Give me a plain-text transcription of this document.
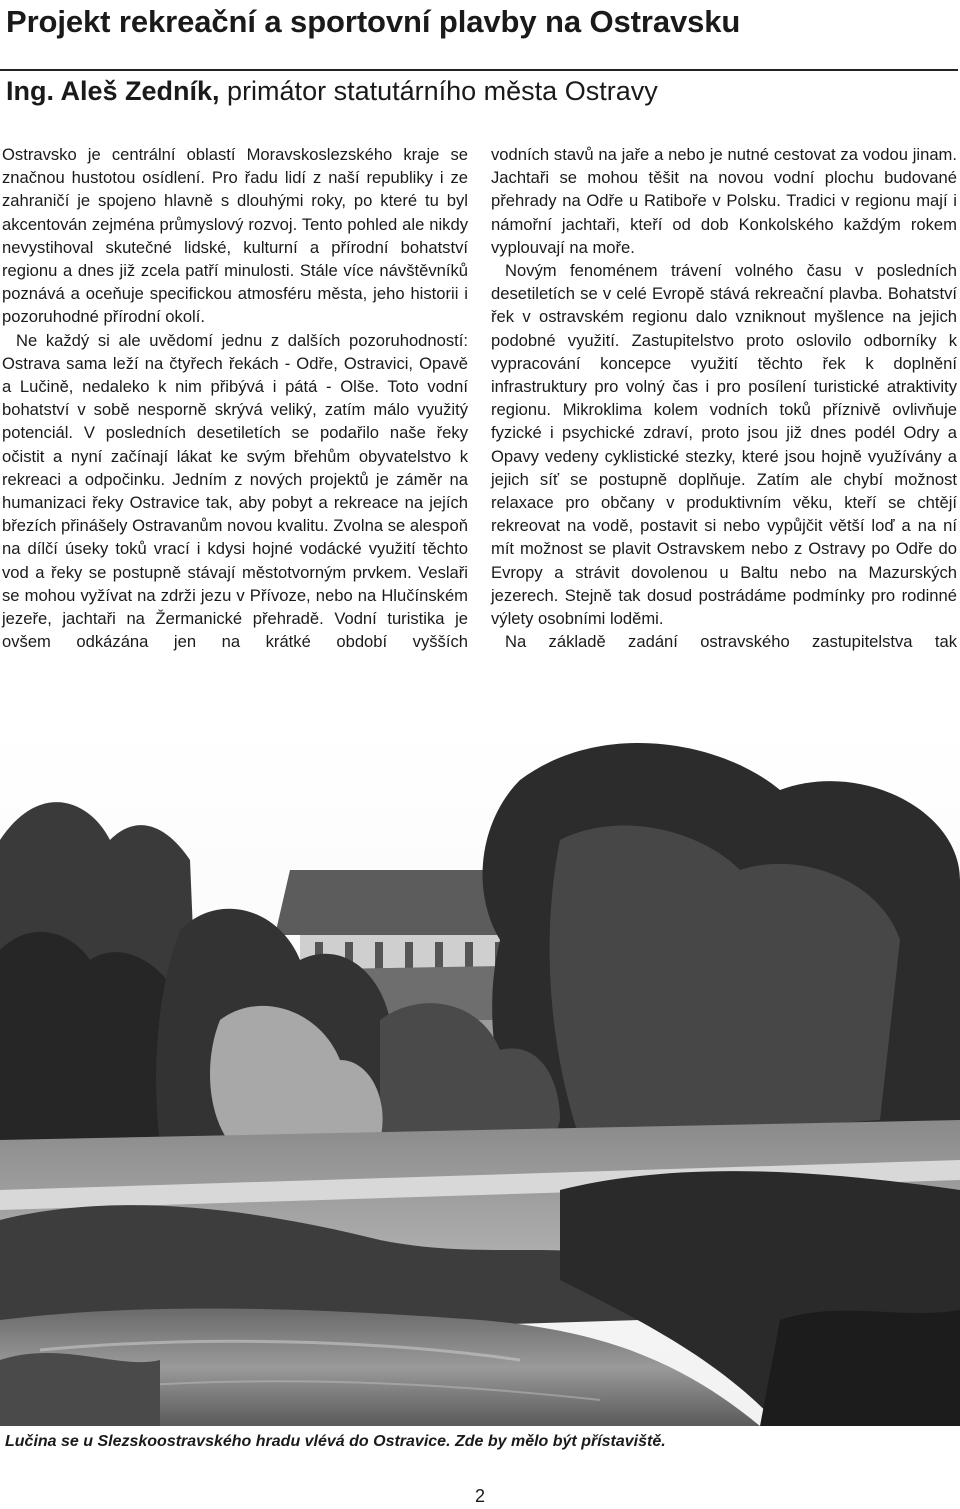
Projekt rekreační a sportovní plavby na Ostravsku
Ing. Aleš Zedník, primátor statutárního města Ostravy

Ostravsko je centrální oblastí Moravskoslezského kraje se značnou hustotou osídlení. Pro řadu lidí z naší republiky i ze zahraničí je spojeno hlavně s dlouhými roky, po které tu byl akcentován zejména průmyslový rozvoj. Tento pohled ale nikdy nevystihoval skutečné lidské, kulturní a přírodní bohatství regionu a dnes již zcela patří minulosti. Stále více návštěvníků poznává a oceňuje specifickou atmosféru města, jeho historii i pozoruhodné přírodní okolí.

Ne každý si ale uvědomí jednu z dalších pozoruhodností: Ostrava sama leží na čtyřech řekách - Odře, Ostravici, Opavě a Lučině, nedaleko k nim přibývá i pátá - Olše. Toto vodní bohatství v sobě nesporně skrývá veliký, zatím málo využitý potenciál. V posledních desetiletích se podařilo naše řeky očistit a nyní začínají lákat ke svým břehům obyvatelstvo k rekreaci a odpočinku. Jedním z nových projektů je záměr na humanizaci řeky Ostravice tak, aby pobyt a rekreace na jejích březích přinášely Ostravanům novou kvalitu. Zvolna se alespoň na dílčí úseky toků vrací i kdysi hojné vodácké využití těchto vod a řeky se postupně stávají městotvorným prvkem. Veslaři se mohou vyžívat na zdrži jezu v Přívoze, nebo na Hlučínském jezeře, jachtaři na Žermanické přehradě. Vodní turistika je ovšem odkázána jen na krátké období vyšších

vodních stavů na jaře a nebo je nutné cestovat za vodou jinam. Jachtaři se mohou těšit na novou vodní plochu budované přehrady na Odře u Ratiboře v Polsku. Tradici v regionu mají i námořní jachtaři, kteří od dob Konkolského každým rokem vyplouvají na moře.

Novým fenoménem trávení volného času v posledních desetiletích se v celé Evropě stává rekreační plavba. Bohatství řek v ostravském regionu dalo vzniknout myšlence na jejich podobné využití. Zastupitelstvo proto oslovilo odborníky k vypracování koncepce využití těchto řek k doplnění infrastruktury pro volný čas i pro posílení turistické atraktivity regionu. Mikroklima kolem vodních toků příznivě ovlivňuje fyzické i psychické zdraví, proto jsou již dnes podél Odry a Opavy vedeny cyklistické stezky, které jsou hojně využívány a jejich síť se postupně doplňuje. Zatím ale chybí možnost relaxace pro občany v produktivním věku, kteří se chtějí rekreovat na vodě, postavit si nebo vypůjčit větší loď a na ní mít možnost se plavit Ostravskem nebo z Ostravy po Odře do Evropy a strávit dovolenou u Baltu nebo na Mazurských jezerech. Stejně tak dosud postrádáme podmínky pro rodinné výlety osobními loděmi.

Na základě zadání ostravského zastupitelstva tak

Lučina se u Slezskoostravského hradu vlévá do Ostravice. Zde by mělo být přístaviště.
2
